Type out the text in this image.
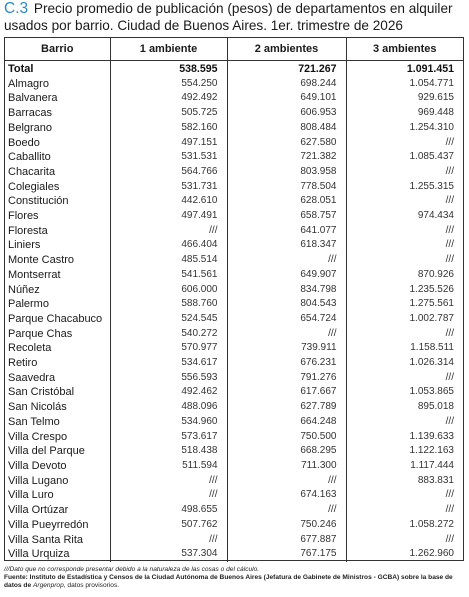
C.3 Precio promedio de publicación (pesos) de departamentos en alquiler usados por barrio. Ciudad de Buenos Aires. 1er. trimestre de 2026
Barrio	1 ambiente	2 ambientes	3 ambientes
Total	538.595	721.267	1.091.451
Almagro	554.250	698.244	1.054.771
Balvanera	492.492	649.101	929.615
Barracas	505.725	606.953	969.448
Belgrano	582.160	808.484	1.254.310
Boedo	497.151	627.580	///
Caballito	531.531	721.382	1.085.437
Chacarita	564.766	803.958	///
Colegiales	531.731	778.504	1.255.315
Constitución	442.610	628.051	///
Flores	497.491	658.757	974.434
Floresta	///	641.077	///
Liniers	466.404	618.347	///
Monte Castro	485.514	///	///
Montserrat	541.561	649.907	870.926
Núñez	606.000	834.798	1.235.526
Palermo	588.760	804.543	1.275.561
Parque Chacabuco	524.545	654.724	1.002.787
Parque Chas	540.272	///	///
Recoleta	570.977	739.911	1.158.511
Retiro	534.617	676.231	1.026.314
Saavedra	556.593	791.276	///
San Cristóbal	492.462	617.667	1.053.865
San Nicolás	488.096	627.789	895.018
San Telmo	534.960	664.248	///
Villa Crespo	573.617	750.500	1.139.633
Villa del Parque	518.438	668.295	1.122.163
Villa Devoto	511.594	711.300	1.117.444
Villa Lugano	///	///	883.831
Villa Luro	///	674.163	///
Villa Ortúzar	498.655	///	///
Villa Pueyrredón	507.762	750.246	1.058.272
Villa Santa Rita	///	677.887	///
Villa Urquiza	537.304	767.175	1.262.960
///Dato que no corresponde presentar debido a la naturaleza de las cosas o del cálculo.
Fuente: Instituto de Estadística y Censos de la Ciudad Autónoma de Buenos Aires (Jefatura de Gabinete de Ministros - GCBA) sobre la base de datos de Argenprop, datos provisorios.
